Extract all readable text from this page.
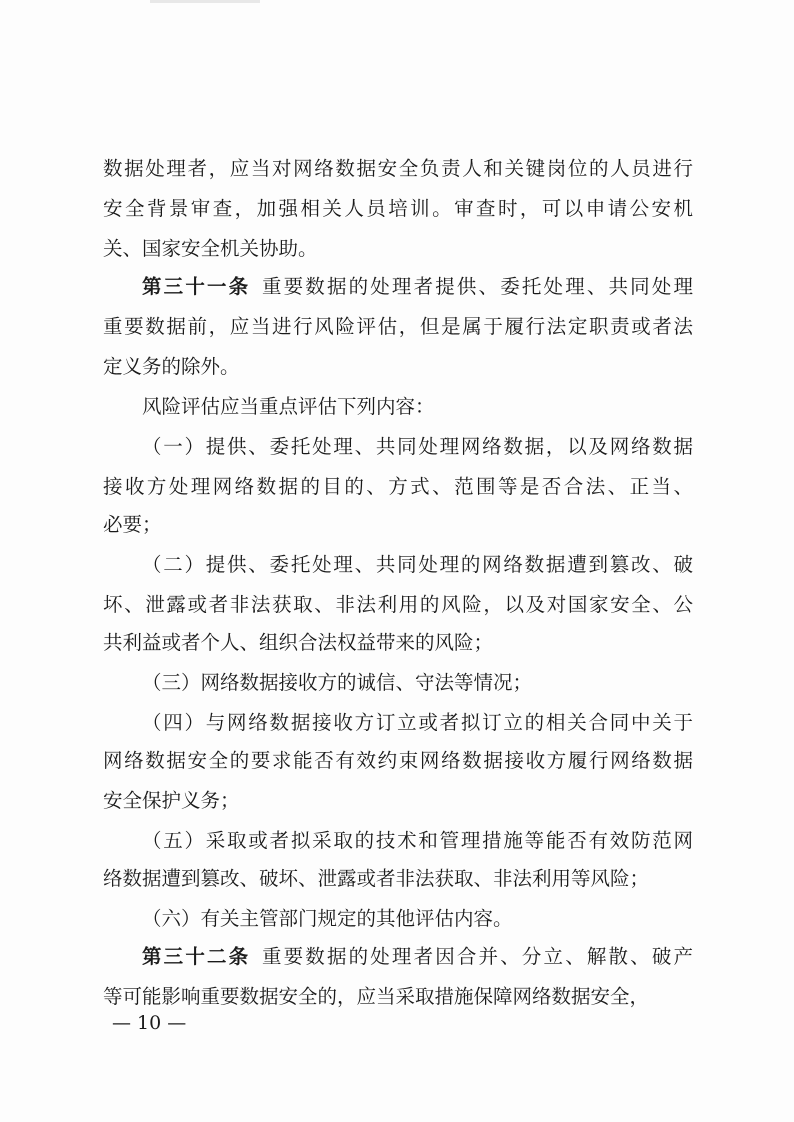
数据处理者，应当对网络数据安全负责人和关键岗位的人员进行
安全背景审查，加强相关人员培训。审查时，可以申请公安机
关、国家安全机关协助。
第三十一条 重要数据的处理者提供、委托处理、共同处理
重要数据前，应当进行风险评估，但是属于履行法定职责或者法
定义务的除外。
风险评估应当重点评估下列内容：
（一）提供、委托处理、共同处理网络数据，以及网络数据
接收方处理网络数据的目的、方式、范围等是否合法、正当、
必要；
（二）提供、委托处理、共同处理的网络数据遭到篡改、破
坏、泄露或者非法获取、非法利用的风险，以及对国家安全、公
共利益或者个人、组织合法权益带来的风险；
（三）网络数据接收方的诚信、守法等情况；
（四）与网络数据接收方订立或者拟订立的相关合同中关于
网络数据安全的要求能否有效约束网络数据接收方履行网络数据
安全保护义务；
（五）采取或者拟采取的技术和管理措施等能否有效防范网
络数据遭到篡改、破坏、泄露或者非法获取、非法利用等风险；
（六）有关主管部门规定的其他评估内容。
第三十二条 重要数据的处理者因合并、分立、解散、破产
等可能影响重要数据安全的，应当采取措施保障网络数据安全，
— 10 —
